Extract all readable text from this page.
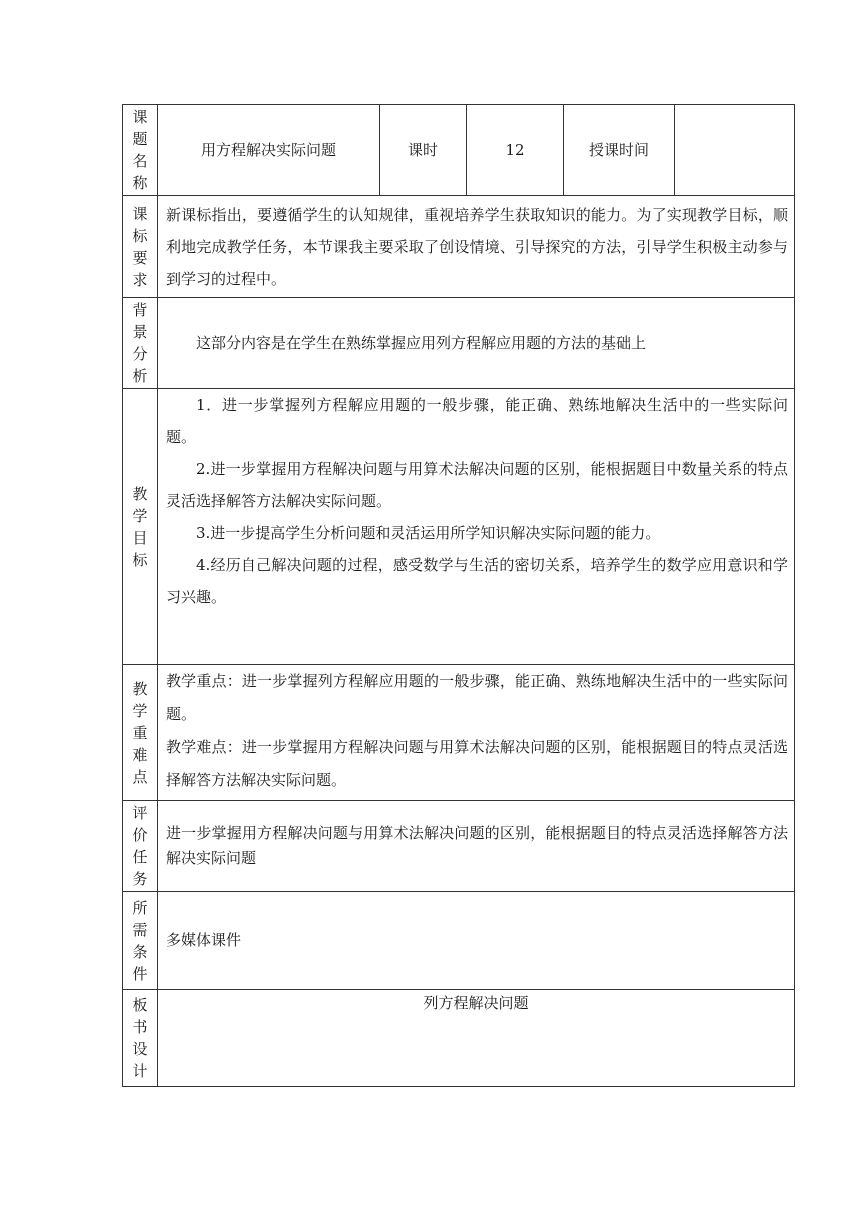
课题名称	用方程解决实际问题	课时	12	授课时间	

课标要求	新课标指出，要遵循学生的认知规律，重视培养学生获取知识的能力。为了实现教学目标，顺利地完成教学任务，本节课我主要采取了创设情境、引导探究的方法，引导学生积极主动参与到学习的过程中。				

背景分析	这部分内容是在学生在熟练掌握应用列方程解应用题的方法的基础上				

教学目标	1．进一步掌握列方程解应用题的一般步骤，能正确、熟练地解决生活中的一些实际问题。

2.进一步掌握用方程解决问题与用算术法解决问题的区别，能根据题目中数量关系的特点灵活选择解答方法解决实际问题。

3.进一步提高学生分析问题和灵活运用所学知识解决实际问题的能力。

4.经历自己解决问题的过程，感受数学与生活的密切关系，培养学生的数学应用意识和学习兴趣。				

教学重难点	教学重点：进一步掌握列方程解应用题的一般步骤，能正确、熟练地解决生活中的一些实际问题。

教学难点：进一步掌握用方程解决问题与用算术法解决问题的区别，能根据题目的特点灵活选择解答方法解决实际问题。				

评价任务	进一步掌握用方程解决问题与用算术法解决问题的区别，能根据题目的特点灵活选择解答方法解决实际问题				

所需条件	多媒体课件				

板书设计	列方程解决问题				
